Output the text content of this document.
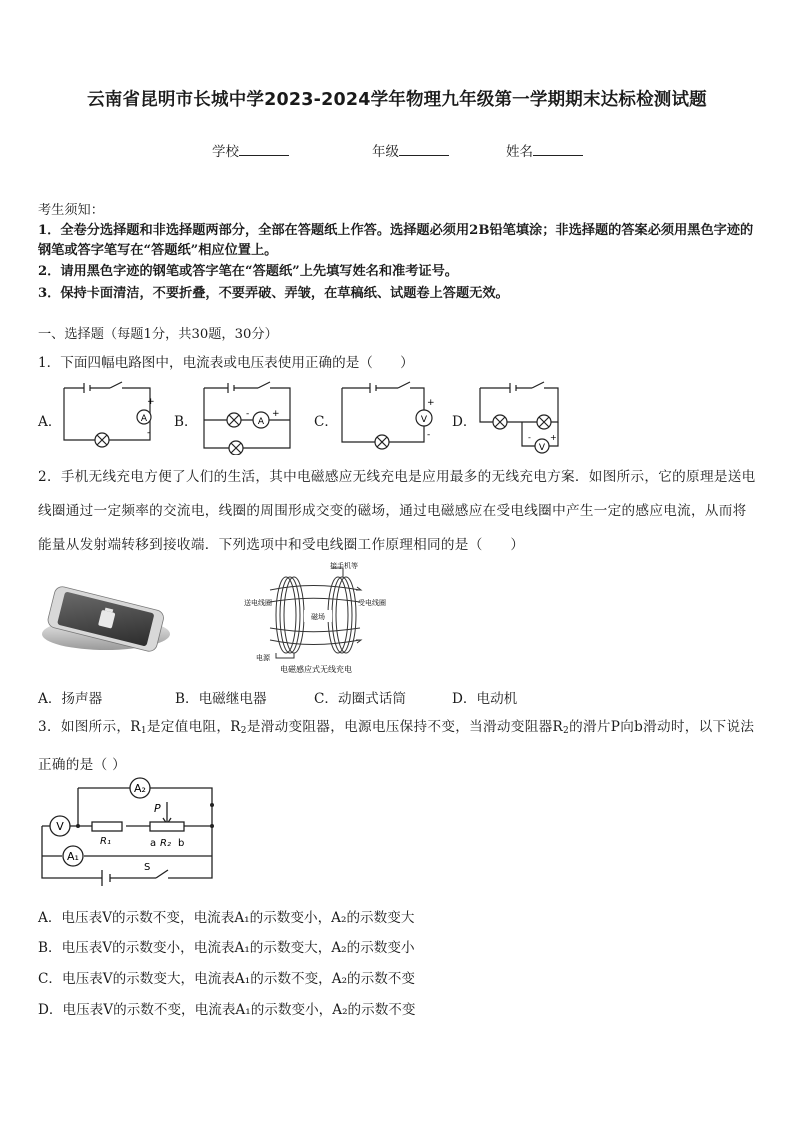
云南省昆明市长城中学2023-2024学年物理九年级第一学期期末达标检测试题
学校	年级	姓名
考生须知：
1．全卷分选择题和非选择题两部分，全部在答题纸上作答。选择题必须用2B铅笔填涂；非选择题的答案必须用黑色字迹的钢笔或答字笔写在“答题纸”相应位置上。
2．请用黑色字迹的钢笔或答字笔在“答题纸”上先填写姓名和准考证号。
3．保持卡面清洁，不要折叠，不要弄破、弄皱，在草稿纸、试题卷上答题无效。
一、选择题（每题1分，共30题，30分）
1．下面四幅电路图中，电流表或电压表使用正确的是（　　）
A．	A
+
-
B．	A
+
-	C．	V
+
-
D．
V
+
-
2．手机无线充电方便了人们的生活，其中电磁感应无线充电是应用最多的无线充电方案．如图所示，它的原理是送电线圈通过一定频率的交流电，线圈的周围形成交变的磁场，通过电磁感应在受电线圈中产生一定的感应电流，从而将能量从发射端转移到接收端．下列选项中和受电线圈工作原理相同的是（　　）
磁场
接手机等
送电线圈	受电线圈
电源
电磁感应式无线充电
A．扬声器	B．电磁继电器	C．动圈式话筒	D．电动机
3．如图所示，$R_1$是定值电阻，$R_2$是滑动变阻器，电源电压保持不变，当滑动变阻器$R_2$的滑片P向b滑动时，以下说法正确的是（ ）
A₂
V
A₁
P
R₁	a R₂ b
S
A．电压表V的示数不变，电流表A₁的示数变小，A₂的示数变大
B．电压表V的示数变小，电流表A₁的示数变大，A₂的示数变小
C．电压表V的示数变大，电流表A₁的示数不变，A₂的示数不变
D．电压表V的示数不变，电流表A₁的示数变小，A₂的示数不变
